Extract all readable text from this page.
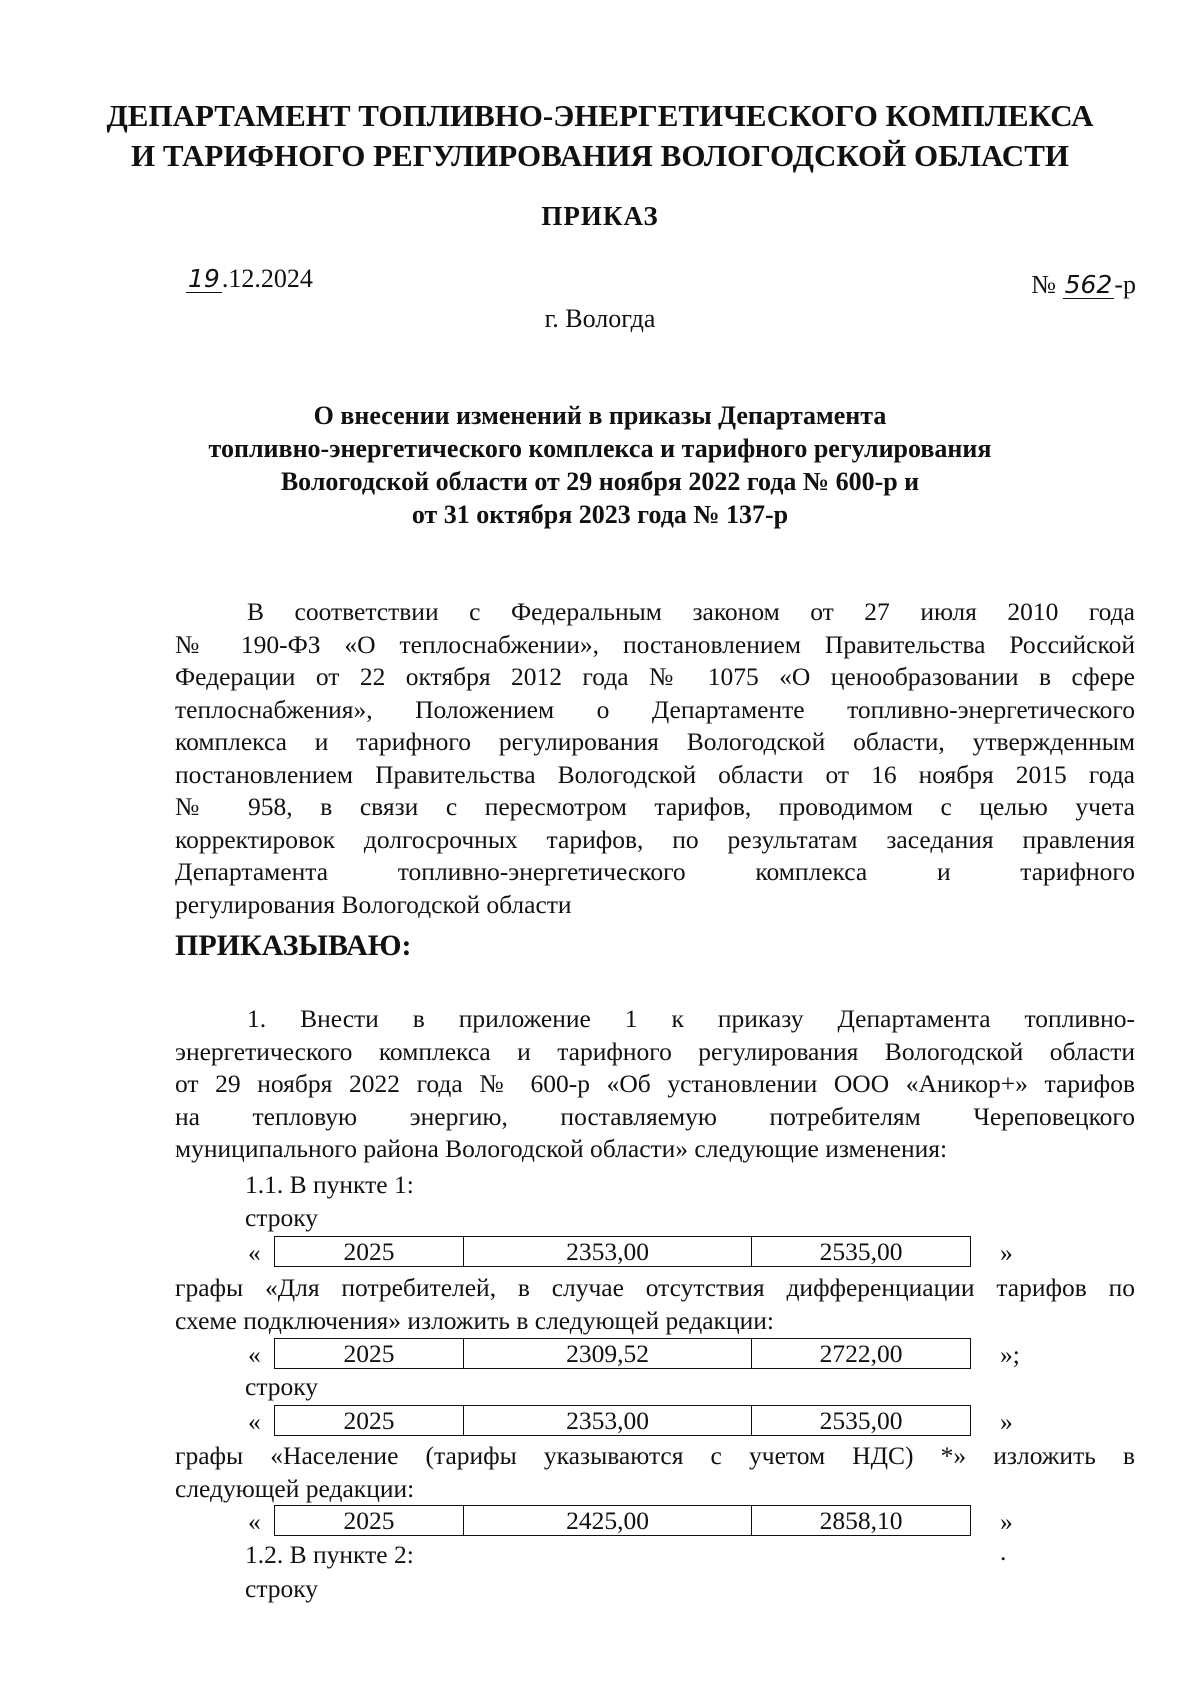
ДЕПАРТАМЕНТ ТОПЛИВНО-ЭНЕРГЕТИЧЕСКОГО КОМПЛЕКСА
И ТАРИФНОГО РЕГУЛИРОВАНИЯ ВОЛОГОДСКОЙ ОБЛАСТИ
ПРИКАЗ
19.12.2024	№ 562-р
г. Вологда
О внесении изменений в приказы Департамента
топливно-энергетического комплекса и тарифного регулирования
Вологодской области от 29 ноября 2022 года № 600-р и
от 31 октября 2023 года № 137-р
В соответствии с Федеральным законом от 27 июля 2010 года
№ 190-ФЗ «О теплоснабжении», постановлением Правительства Российской
Федерации от 22 октября 2012 года № 1075 «О ценообразовании в сфере
теплоснабжения», Положением о Департаменте топливно-энергетического
комплекса и тарифного регулирования Вологодской области, утвержденным
постановлением Правительства Вологодской области от 16 ноября 2015 года
№ 958, в связи с пересмотром тарифов, проводимом с целью учета
корректировок долгосрочных тарифов, по результатам заседания правления
Департамента	топливно-энергетического	комплекса	и	тарифного
регулирования Вологодской области
ПРИКАЗЫВАЮ:
1. Внести в приложение 1 к приказу Департамента топливно-
энергетического комплекса и тарифного регулирования Вологодской области
от 29 ноября 2022 года № 600-р «Об установлении ООО «Аникор+» тарифов
на тепловую энергию, поставляемую потребителям Череповецкого
муниципального района Вологодской области» следующие изменения:
1.1. В пункте 1:
строку
«	2025	2353,00	2535,00	»
графы «Для потребителей, в случае отсутствия дифференциации тарифов по
схеме подключения» изложить в следующей редакции:
«	2025	2309,52	2722,00	»;
строку
«	2025	2353,00	2535,00	»
графы «Население (тарифы указываются с учетом НДС) *» изложить в
следующей редакции:
«	2025	2425,00	2858,10	» .
1.2. В пункте 2:
строку
